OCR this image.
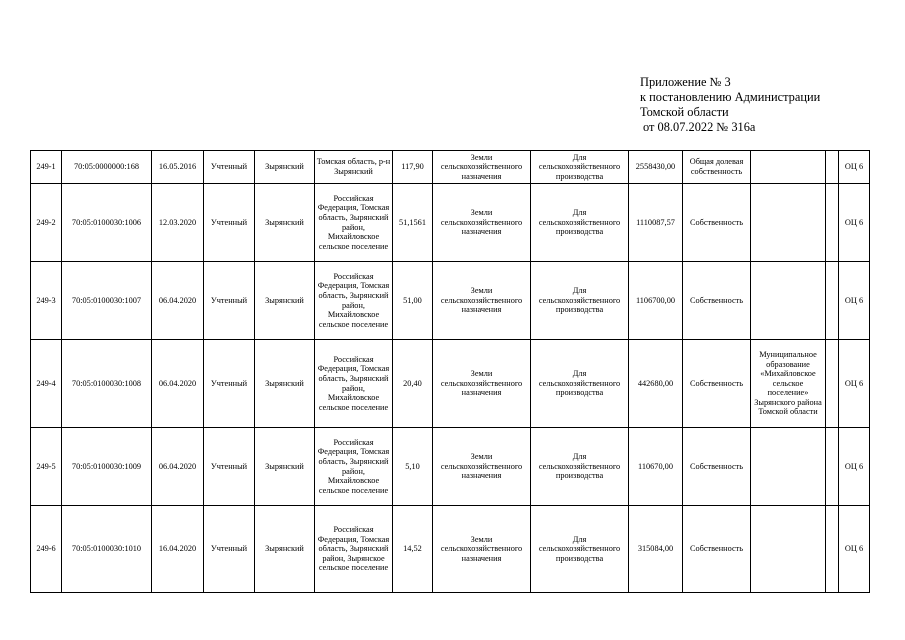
Приложение № 3
к постановлению Администрации
Томской области
от 08.07.2022 № 316а
249-1	70:05:0000000:168	16.05.2016	Учтенный	Зырянский	Томская область, р-н Зырянский	117,90	Земли сельскохозяйственного назначения	Для сельскохозяйственного производства	2558430,00	Общая долевая собственность			ОЦ 6
249-2	70:05:0100030:1006	12.03.2020	Учтенный	Зырянский	Российская Федерация, Томская область, Зырянский район, Михайловское сельское поселение	51,1561	Земли сельскохозяйственного назначения	Для сельскохозяйственного производства	1110087,57	Собственность			ОЦ 6
249-3	70:05:0100030:1007	06.04.2020	Учтенный	Зырянский	Российская Федерация, Томская область, Зырянский район, Михайловское сельское поселение	51,00	Земли сельскохозяйственного назначения	Для сельскохозяйственного производства	1106700,00	Собственность			ОЦ 6
249-4	70:05:0100030:1008	06.04.2020	Учтенный	Зырянский	Российская Федерация, Томская область, Зырянский район, Михайловское сельское поселение	20,40	Земли сельскохозяйственного назначения	Для сельскохозяйственного производства	442680,00	Собственность	Муниципальное образование «Михайловское сельское поселение» Зырянского района Томской области		ОЦ 6
249-5	70:05:0100030:1009	06.04.2020	Учтенный	Зырянский	Российская Федерация, Томская область, Зырянский район, Михайловское сельское поселение	5,10	Земли сельскохозяйственного назначения	Для сельскохозяйственного производства	110670,00	Собственность			ОЦ 6
249-6	70:05:0100030:1010	16.04.2020	Учтенный	Зырянский	Российская Федерация, Томская область, Зырянский район, Зырянское сельское поселение	14,52	Земли сельскохозяйственного назначения	Для сельскохозяйственного производства	315084,00	Собственность			ОЦ 6
